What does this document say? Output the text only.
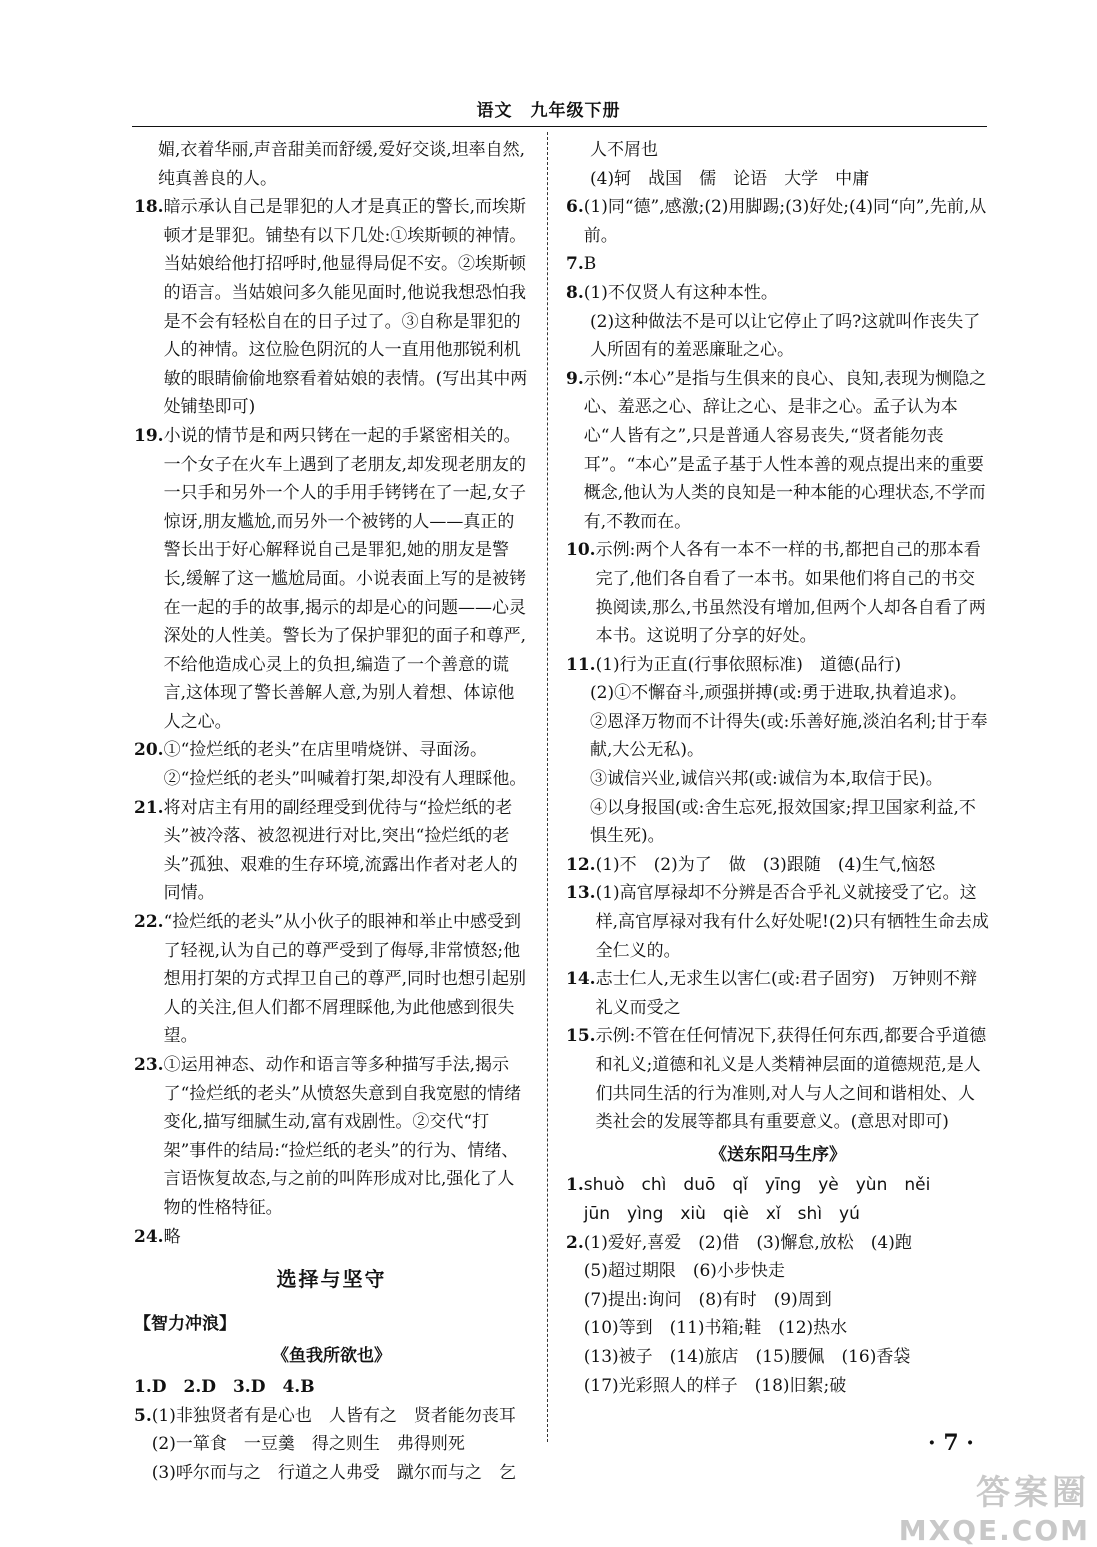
语文　九年级下册
媚,衣着华丽,声音甜美而舒缓,爱好交谈,坦率自然,纯真善良的人。
18. 暗示承认自己是罪犯的人才是真正的警长,而埃斯顿才是罪犯。铺垫有以下几处:①埃斯顿的神情。当姑娘给他打招呼时,他显得局促不安。②埃斯顿的语言。当姑娘问多久能见面时,他说我想恐怕我是不会有轻松自在的日子过了。③自称是罪犯的人的神情。这位脸色阴沉的人一直用他那锐利机敏的眼睛偷偷地察看着姑娘的表情。(写出其中两处铺垫即可)
19. 小说的情节是和两只铐在一起的手紧密相关的。一个女子在火车上遇到了老朋友,却发现老朋友的一只手和另外一个人的手用手铐铐在了一起,女子惊讶,朋友尴尬,而另外一个被铐的人——真正的警长出于好心解释说自己是罪犯,她的朋友是警长,缓解了这一尴尬局面。小说表面上写的是被铐在一起的手的故事,揭示的却是心的问题——心灵深处的人性美。警长为了保护罪犯的面子和尊严,不给他造成心灵上的负担,编造了一个善意的谎言,这体现了警长善解人意,为别人着想、体谅他人之心。
20. ①“捡烂纸的老头”在店里啃烧饼、寻面汤。②“捡烂纸的老头”叫喊着打架,却没有人理睬他。
21. 将对店主有用的副经理受到优待与“捡烂纸的老头”被冷落、被忽视进行对比,突出“捡烂纸的老头”孤独、艰难的生存环境,流露出作者对老人的同情。
22. “捡烂纸的老头”从小伙子的眼神和举止中感受到了轻视,认为自己的尊严受到了侮辱,非常愤怒;他想用打架的方式捍卫自己的尊严,同时也想引起别人的关注,但人们都不屑理睬他,为此他感到很失望。
23. ①运用神态、动作和语言等多种描写手法,揭示了“捡烂纸的老头”从愤怒失意到自我宽慰的情绪变化,描写细腻生动,富有戏剧性。②交代“打架”事件的结局:“捡烂纸的老头”的行为、情绪、言语恢复故态,与之前的叫阵形成对比,强化了人物的性格特征。
24. 略
选择与坚守
【智力冲浪】
《鱼我所欲也》
1.D　2.D　3.D　4.B
5. (1)非独贤者有是心也　人皆有之　贤者能勿丧耳
(2)一箪食　一豆羹　得之则生　弗得则死
(3)呼尔而与之　行道之人弗受　蹴尔而与之　乞
人不屑也
(4)轲　战国　儒　论语　大学　中庸
6. (1)同“德”,感激;(2)用脚踢;(3)好处;(4)同“向”,先前,从前。
7. B
8. (1)不仅贤人有这种本性。
(2)这种做法不是可以让它停止了吗?这就叫作丧失了人所固有的羞恶廉耻之心。
9. 示例:“本心”是指与生俱来的良心、良知,表现为恻隐之心、羞恶之心、辞让之心、是非之心。孟子认为本心“人皆有之”,只是普通人容易丧失,“贤者能勿丧耳”。“本心”是孟子基于人性本善的观点提出来的重要概念,他认为人类的良知是一种本能的心理状态,不学而有,不教而在。
10. 示例:两个人各有一本不一样的书,都把自己的那本看完了,他们各自看了一本书。如果他们将自己的书交换阅读,那么,书虽然没有增加,但两个人却各自看了两本书。这说明了分享的好处。
11. (1)行为正直(行事依照标准)　道德(品行)
(2)①不懈奋斗,顽强拼搏(或:勇于进取,执着追求)。
②恩泽万物而不计得失(或:乐善好施,淡泊名利;甘于奉献,大公无私)。
③诚信兴业,诚信兴邦(或:诚信为本,取信于民)。
④以身报国(或:舍生忘死,报效国家;捍卫国家利益,不惧生死)。
12. (1)不　(2)为了　做　(3)跟随　(4)生气,恼怒
13. (1)高官厚禄却不分辨是否合乎礼义就接受了它。这样,高官厚禄对我有什么好处呢!(2)只有牺牲生命去成全仁义的。
14. 志士仁人,无求生以害仁(或:君子固穷)　万钟则不辩礼义而受之
15. 示例:不管在任何情况下,获得任何东西,都要合乎道德和礼义;道德和礼义是人类精神层面的道德规范,是人们共同生活的行为准则,对人与人之间和谐相处、人类社会的发展等都具有重要意义。(意思对即可)
《送东阳马生序》
1. shuò　chì　duō　qǐ　yīng　yè　yùn　něi
jūn　yìng　xiù　qiè　xǐ　shì　yú
2. (1)爱好,喜爱　(2)借　(3)懈怠,放松　(4)跑
(5)超过期限　(6)小步快走
(7)提出:询问　(8)有时　(9)周到
(10)等到　(11)书箱;鞋　(12)热水
(13)被子　(14)旅店　(15)腰佩　(16)香袋
(17)光彩照人的样子　(18)旧絮;破
· 7 ·
答案圈
MXQE.COM
